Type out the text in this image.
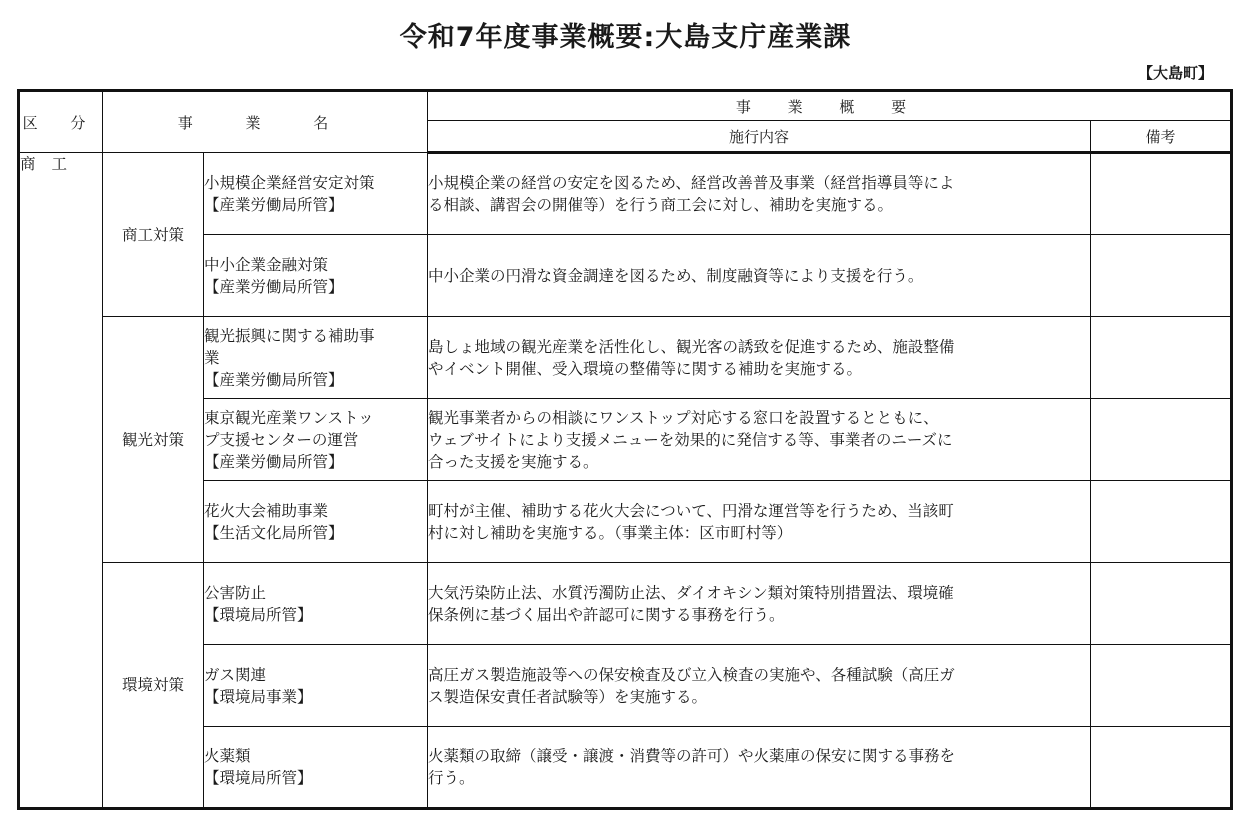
令和7年度事業概要:大島支庁産業課
【大島町】
区 分	事 業 名		事 業 概 要	
			施行内容	備考
商工	商工対策	小規模企業経営安定対策
【産業労働局所管】	小規模企業の経営の安定を図るため、経営改善普及事業（経営指導員等によ
る相談、講習会の開催等）を行う商工会に対し、補助を実施する。	

		中小企業金融対策
【産業労働局所管】	中小企業の円滑な資金調達を図るため、制度融資等により支援を行う。	

	観光対策	観光振興に関する補助事
業
【産業労働局所管】	島しょ地域の観光産業を活性化し、観光客の誘致を促進するため、施設整備
やイベント開催、受入環境の整備等に関する補助を実施する。	

		東京観光産業ワンストッ
プ支援センターの運営
【産業労働局所管】	観光事業者からの相談にワンストップ対応する窓口を設置するとともに、
ウェブサイトにより支援メニューを効果的に発信する等、事業者のニーズに
合った支援を実施する。	

		花火大会補助事業
【生活文化局所管】	町村が主催、補助する花火大会について、円滑な運営等を行うため、当該町
村に対し補助を実施する。（事業主体：区市町村等）	

	環境対策	公害防止
【環境局所管】	大気汚染防止法、水質汚濁防止法、ダイオキシン類対策特別措置法、環境確
保条例に基づく届出や許認可に関する事務を行う。	

		ガス関連
【環境局事業】	高圧ガス製造施設等への保安検査及び立入検査の実施や、各種試験（高圧ガ
ス製造保安責任者試験等）を実施する。	

		火薬類
【環境局所管】	火薬類の取締（譲受・譲渡・消費等の許可）や火薬庫の保安に関する事務を
行う。	
